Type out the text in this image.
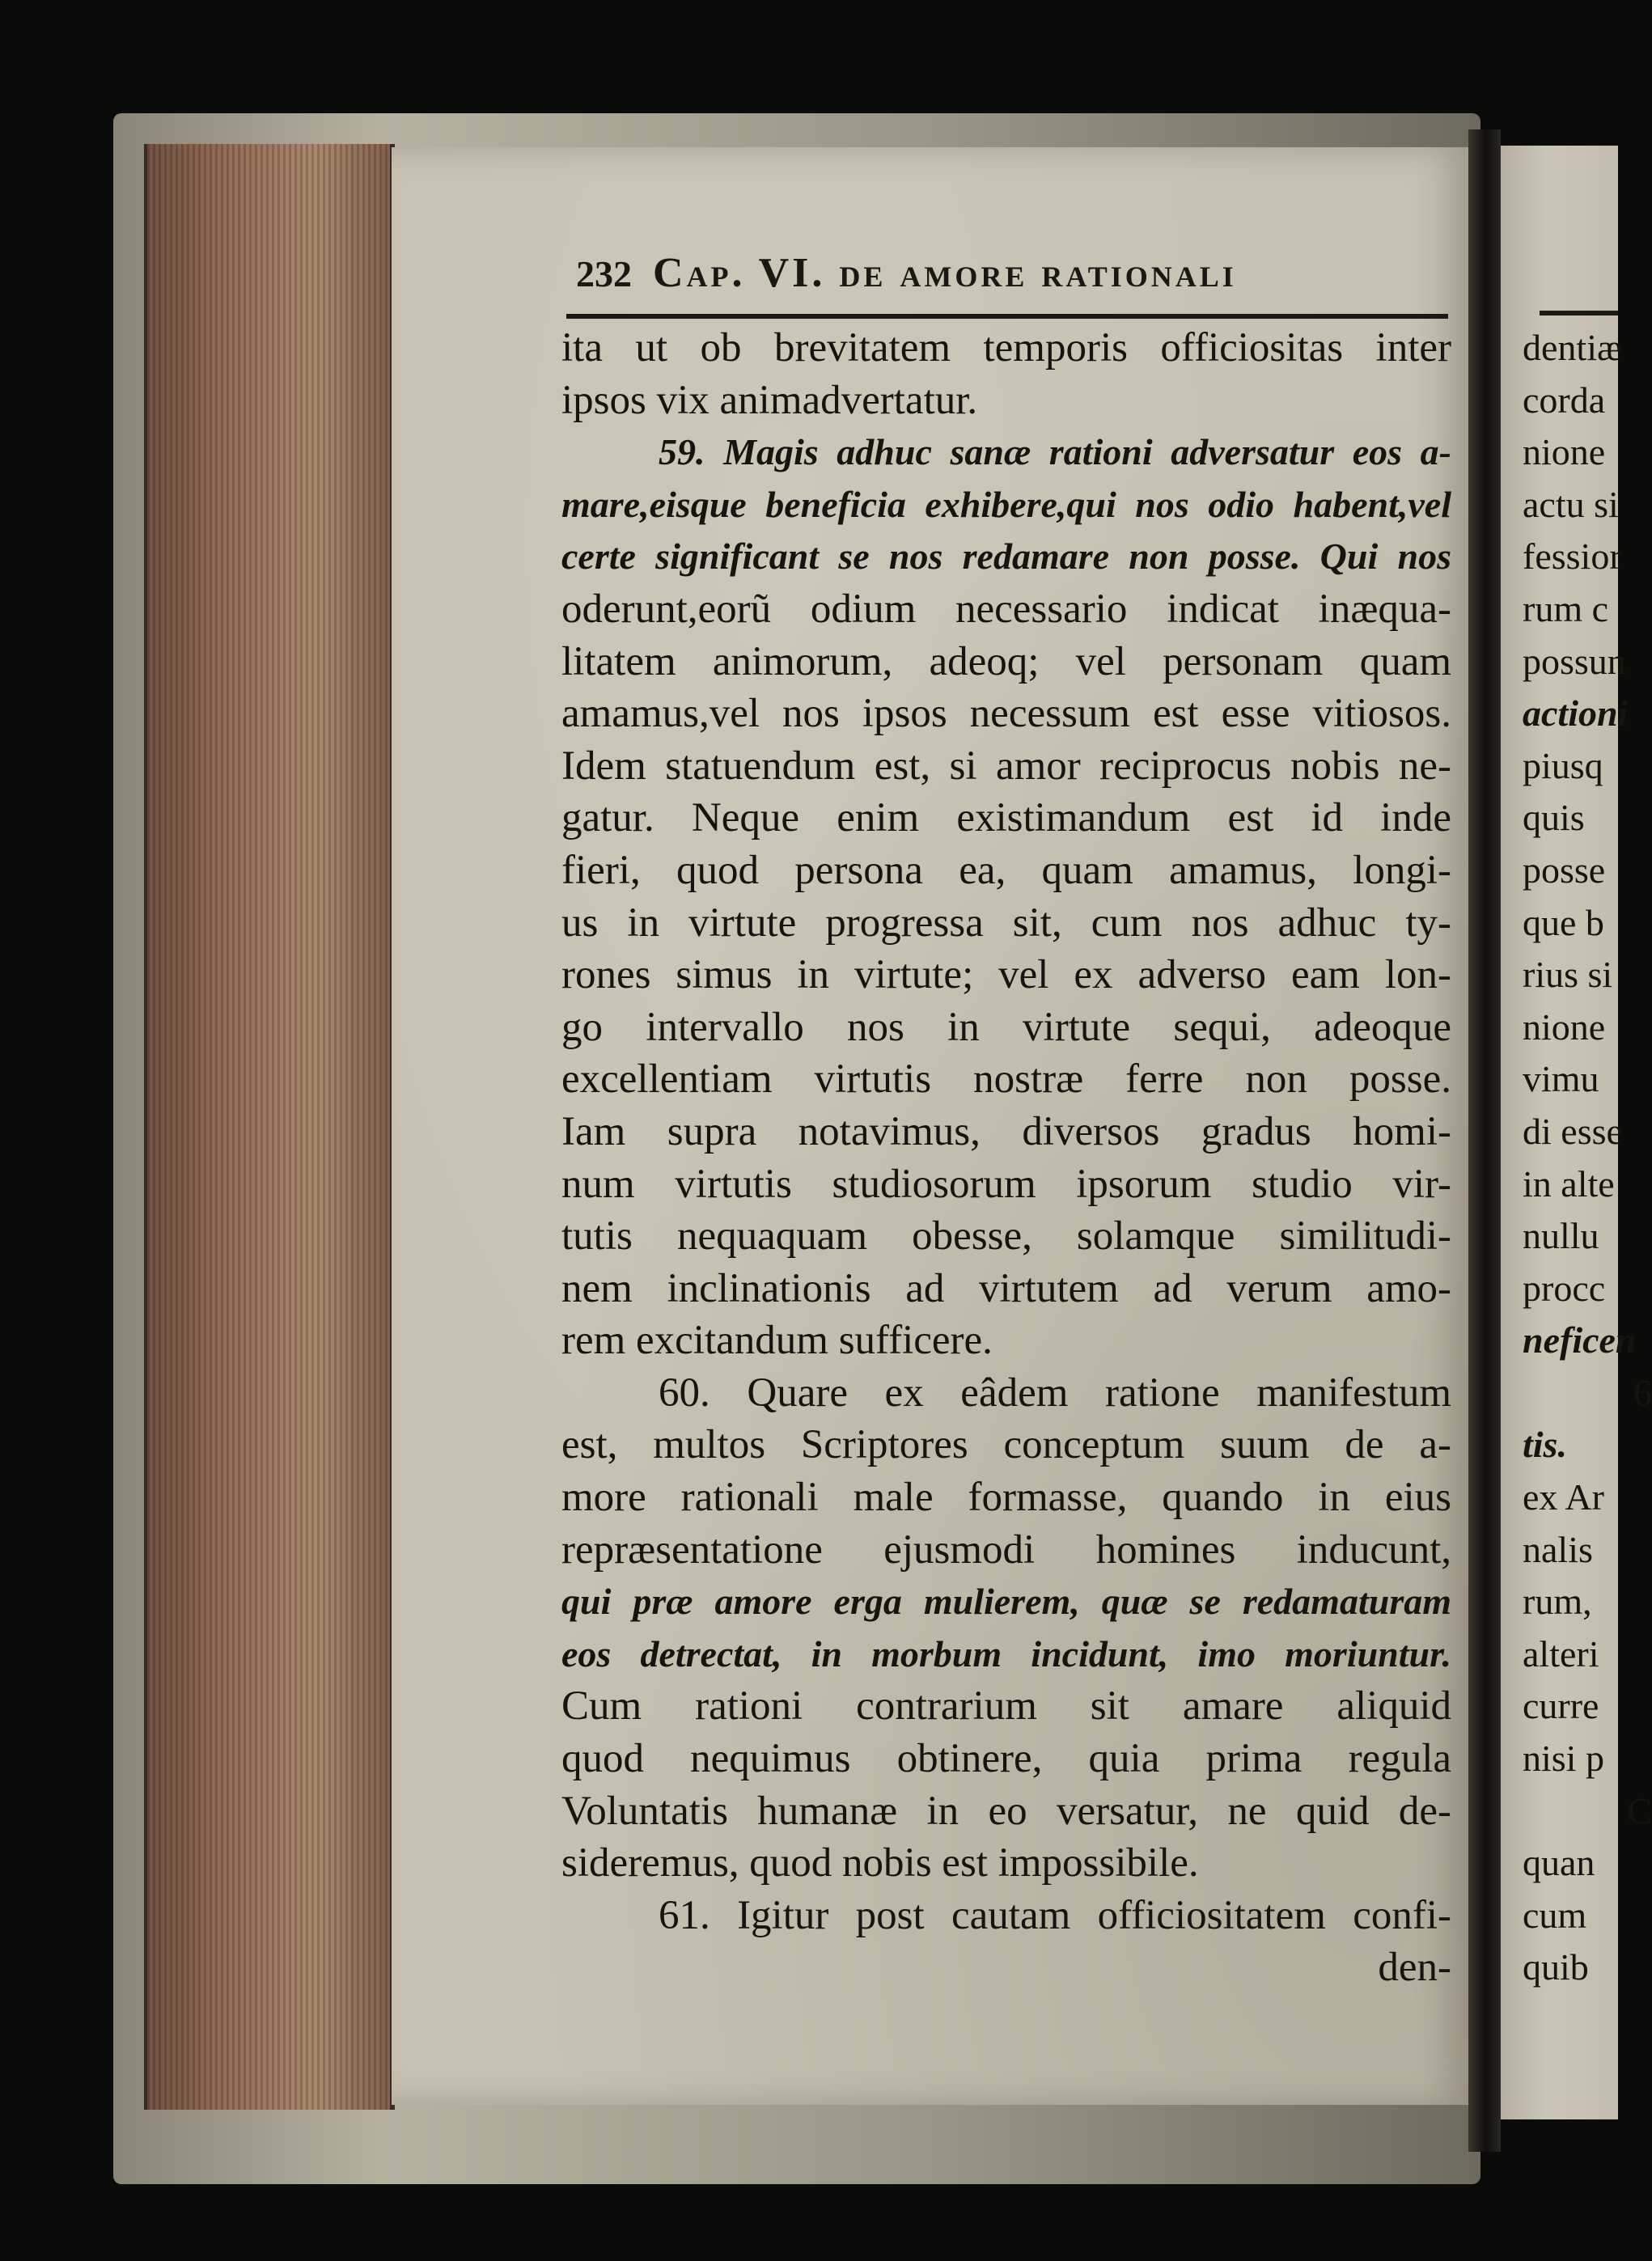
232 Cap. VI. de amore rationali
ita ut ob brevitatem temporis officiositas inter
ipsos vix animadvertatur.
59. Magis adhuc sanæ rationi adversatur eos a-
mare,eisque beneficia exhibere,qui nos odio habent,vel
certe significant se nos redamare non posse. Qui nos
oderunt,eorũ odium necessario indicat inæqua-
litatem animorum, adeoq; vel personam quam
amamus,vel nos ipsos necessum est esse vitiosos.
Idem statuendum est, si amor reciprocus nobis ne-
gatur. Neque enim existimandum est id inde
fieri, quod persona ea, quam amamus, longi-
us in virtute progressa sit, cum nos adhuc ty-
rones simus in virtute; vel ex adverso eam lon-
go intervallo nos in virtute sequi, adeoque
excellentiam virtutis nostræ ferre non posse.
Iam supra notavimus, diversos gradus homi-
num virtutis studiosorum ipsorum studio vir-
tutis nequaquam obesse, solamque similitudi-
nem inclinationis ad virtutem ad verum amo-
rem excitandum sufficere.
60. Quare ex eâdem ratione manifestum
est, multos Scriptores conceptum suum de a-
more rationali male formasse, quando in eius
repræsentatione ejusmodi homines inducunt,
qui præ amore erga mulierem, quæ se redamaturam
eos detrectat, in morbum incidunt, imo moriuntur.
Cum rationi contrarium sit amare aliquid
quod nequimus obtinere, quia prima regula
Voluntatis humanæ in eo versatur, ne quid de-
sideremus, quod nobis est impossibile.
61. Igitur post cautam officiositatem confi-
den-
dentiæ
corda
nione
actu si
fessior
rum c
possun
actioni
piusq
quis
posse
que b
rius si
nione
vimu
di esse
in alte
nullu
procc
neficen
6
tis.
ex Ar
nalis
rum,
alteri
curre
nisi p
C
quan
cum
quib
